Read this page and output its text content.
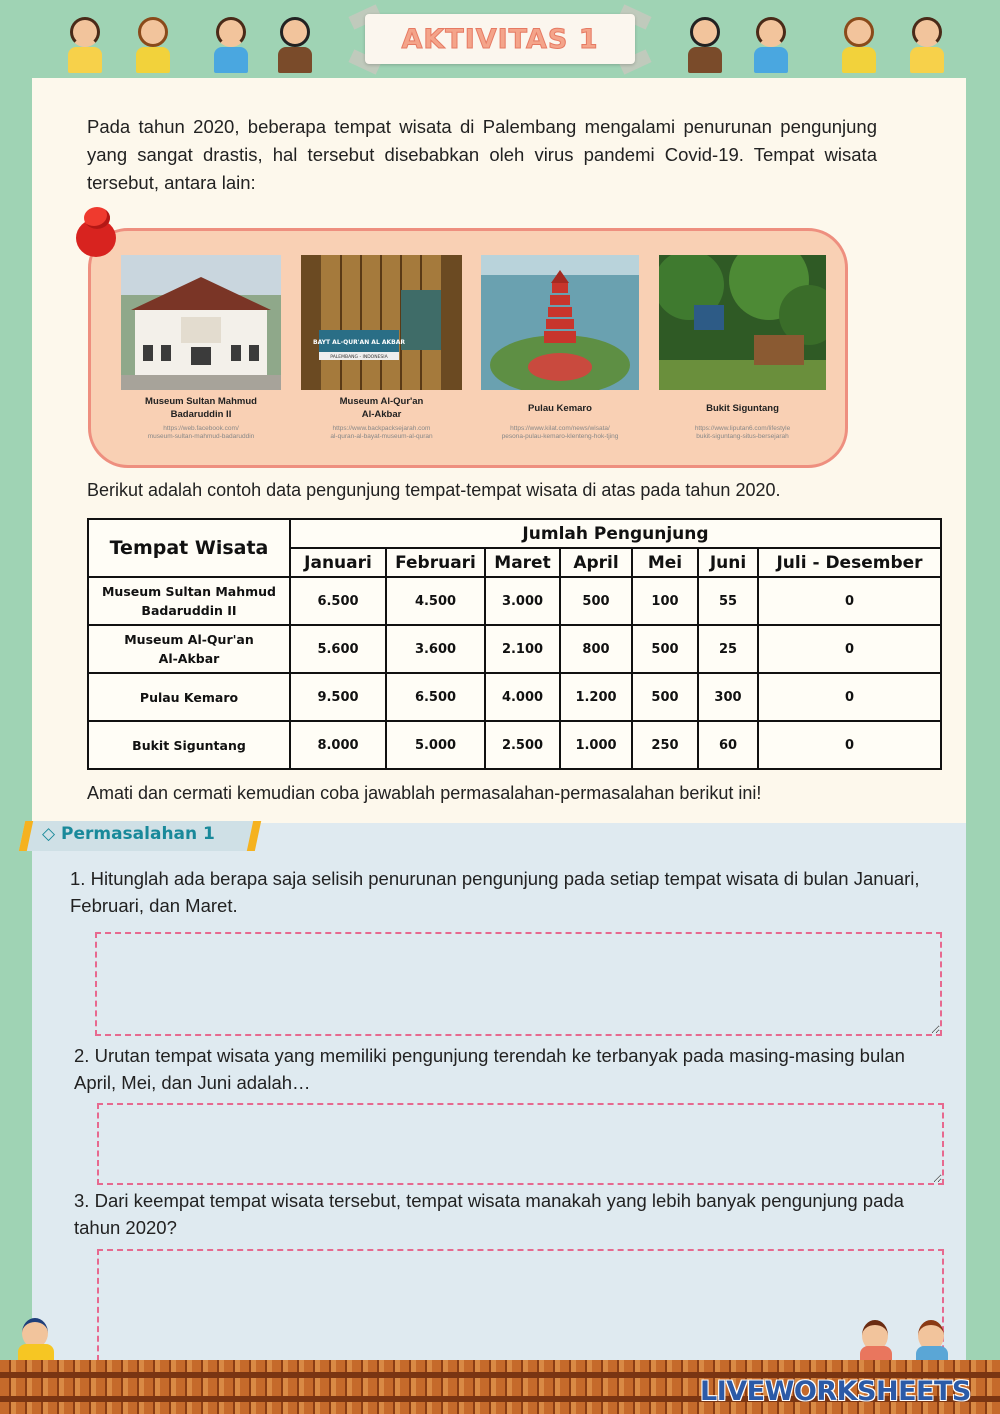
AKTIVITAS 1

Pada tahun 2020, beberapa tempat wisata di Palembang mengalami penurunan pengunjung yang sangat drastis, hal tersebut disebabkan oleh virus pandemi Covid-19. Tempat wisata tersebut, antara lain:

Museum Sultan Mahmud
Badaruddin II
https://web.facebook.com/
museum-sultan-mahmud-badaruddin
BAYT AL-QUR'AN AL AKBAR
PALEMBANG - INDONESIA
Museum Al-Qur'an
Al-Akbar
https://www.backpacksejarah.com
al-quran-al-bayat-museum-al-quran
Pulau Kemaro
https://www.kilat.com/news/wisata/
pesona-pulau-kemaro-klenteng-hok-tjing
Bukit Siguntang
https://www.liputan6.com/lifestyle
bukit-siguntang-situs-bersejarah

Berikut adalah contoh data pengunjung tempat-tempat wisata di atas pada tahun 2020.

Tempat Wisata	Jumlah Pengunjung						
	Januari	Februari	Maret	April	Mei	Juni	Juli - Desember

Museum Sultan Mahmud
Badaruddin II	6.500	4.500	3.000	500	100	55	0

Museum Al-Qur'an
Al-Akbar	5.600	3.600	2.100	800	500	25	0
Pulau Kemaro	9.500	6.500	4.000	1.200	500	300	0
Bukit Siguntang	8.000	5.000	2.500	1.000	250	60	0

Amati dan cermati kemudian coba jawablah permasalahan-permasalahan berikut ini!

◇ Permasalahan 1
1. Hitunglah ada berapa saja selisih penurunan pengunjung pada setiap tempat wisata di bulan Januari, Februari, dan Maret.
2. Urutan tempat wisata yang memiliki pengunjung terendah ke terbanyak pada masing-masing bulan April, Mei, dan Juni adalah…
3. Dari keempat tempat wisata tersebut, tempat wisata manakah yang lebih banyak pengunjung pada tahun 2020?
LIVEWORKSHEETS
